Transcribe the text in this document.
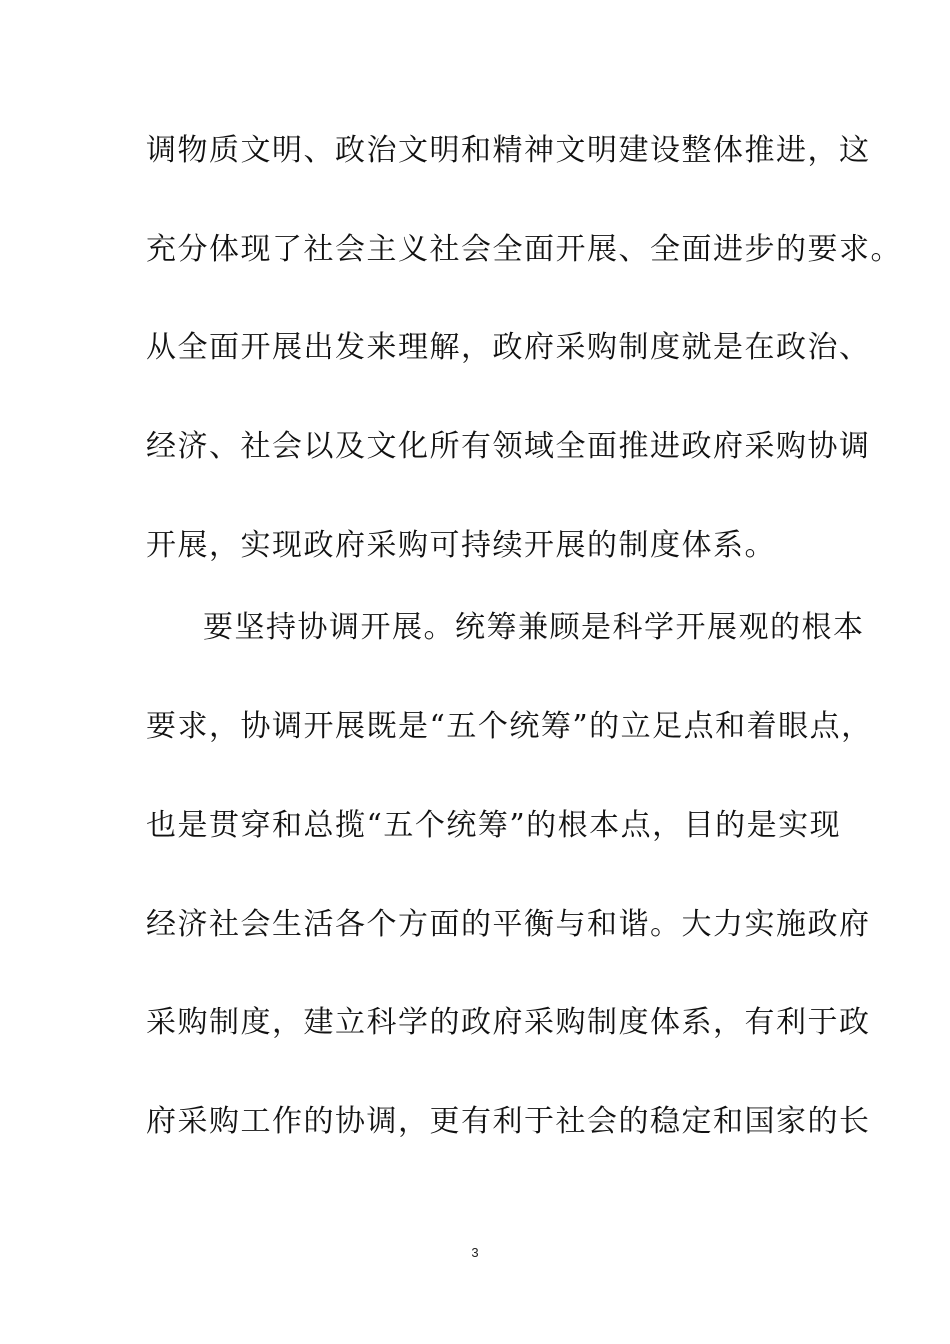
调物质文明、政治文明和精神文明建设整体推进，这
充分体现了社会主义社会全面开展、全面进步的要求。
从全面开展出发来理解，政府采购制度就是在政治、
经济、社会以及文化所有领域全面推进政府采购协调
开展，实现政府采购可持续开展的制度体系。
要坚持协调开展。统筹兼顾是科学开展观的根本
要求，协调开展既是“五个统筹”的立足点和着眼点，
也是贯穿和总揽“五个统筹”的根本点，目的是实现
经济社会生活各个方面的平衡与和谐。大力实施政府
采购制度，建立科学的政府采购制度体系，有利于政
府采购工作的协调，更有利于社会的稳定和国家的长
3
